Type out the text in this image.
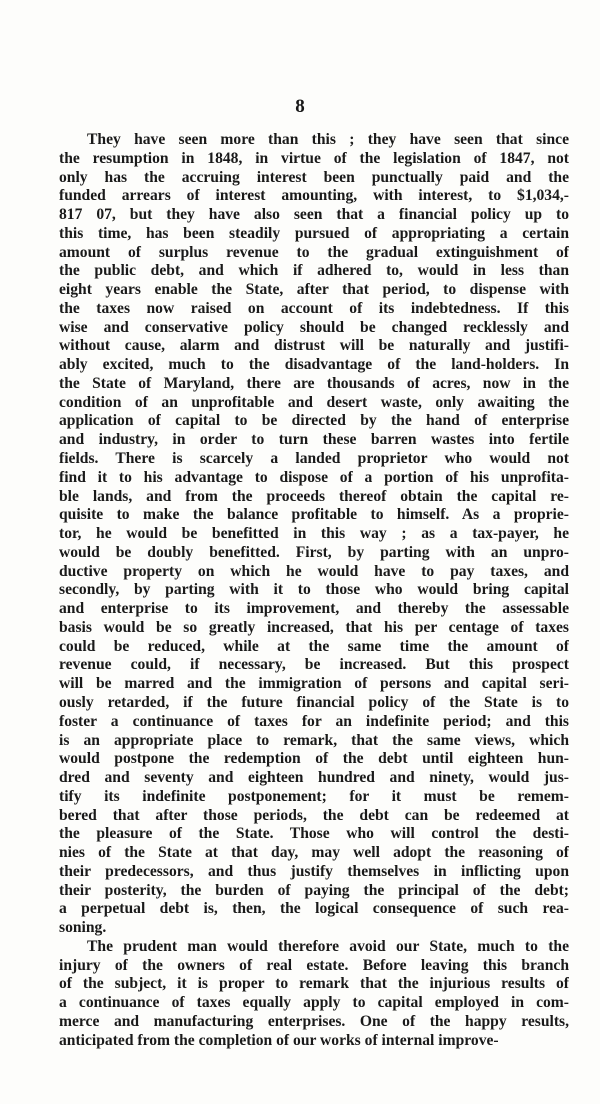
8
They have seen more than this ; they have seen that since
the resumption in 1848, in virtue of the legislation of 1847, not
only has the accruing interest been punctually paid and the
funded arrears of interest amounting, with interest, to $1,034,-
817 07, but they have also seen that a financial policy up to
this time, has been steadily pursued of appropriating a certain
amount of surplus revenue to the gradual extinguishment of
the public debt, and which if adhered to, would in less than
eight years enable the State, after that period, to dispense with
the taxes now raised on account of its indebtedness. If this
wise and conservative policy should be changed recklessly and
without cause, alarm and distrust will be naturally and justifi-
ably excited, much to the disadvantage of the land-holders. In
the State of Maryland, there are thousands of acres, now in the
condition of an unprofitable and desert waste, only awaiting the
application of capital to be directed by the hand of enterprise
and industry, in order to turn these barren wastes into fertile
fields. There is scarcely a landed proprietor who would not
find it to his advantage to dispose of a portion of his unprofita-
ble lands, and from the proceeds thereof obtain the capital re-
quisite to make the balance profitable to himself. As a proprie-
tor, he would be benefitted in this way ; as a tax-payer, he
would be doubly benefitted. First, by parting with an unpro-
ductive property on which he would have to pay taxes, and
secondly, by parting with it to those who would bring capital
and enterprise to its improvement, and thereby the assessable
basis would be so greatly increased, that his per centage of taxes
could be reduced, while at the same time the amount of
revenue could, if necessary, be increased. But this prospect
will be marred and the immigration of persons and capital seri-
ously retarded, if the future financial policy of the State is to
foster a continuance of taxes for an indefinite period; and this
is an appropriate place to remark, that the same views, which
would postpone the redemption of the debt until eighteen hun-
dred and seventy and eighteen hundred and ninety, would jus-
tify its indefinite postponement; for it must be remem-
bered that after those periods, the debt can be redeemed at
the pleasure of the State. Those who will control the desti-
nies of the State at that day, may well adopt the reasoning of
their predecessors, and thus justify themselves in inflicting upon
their posterity, the burden of paying the principal of the debt;
a perpetual debt is, then, the logical consequence of such rea-
soning.
The prudent man would therefore avoid our State, much to the
injury of the owners of real estate. Before leaving this branch
of the subject, it is proper to remark that the injurious results of
a continuance of taxes equally apply to capital employed in com-
merce and manufacturing enterprises. One of the happy results,
anticipated from the completion of our works of internal improve-
